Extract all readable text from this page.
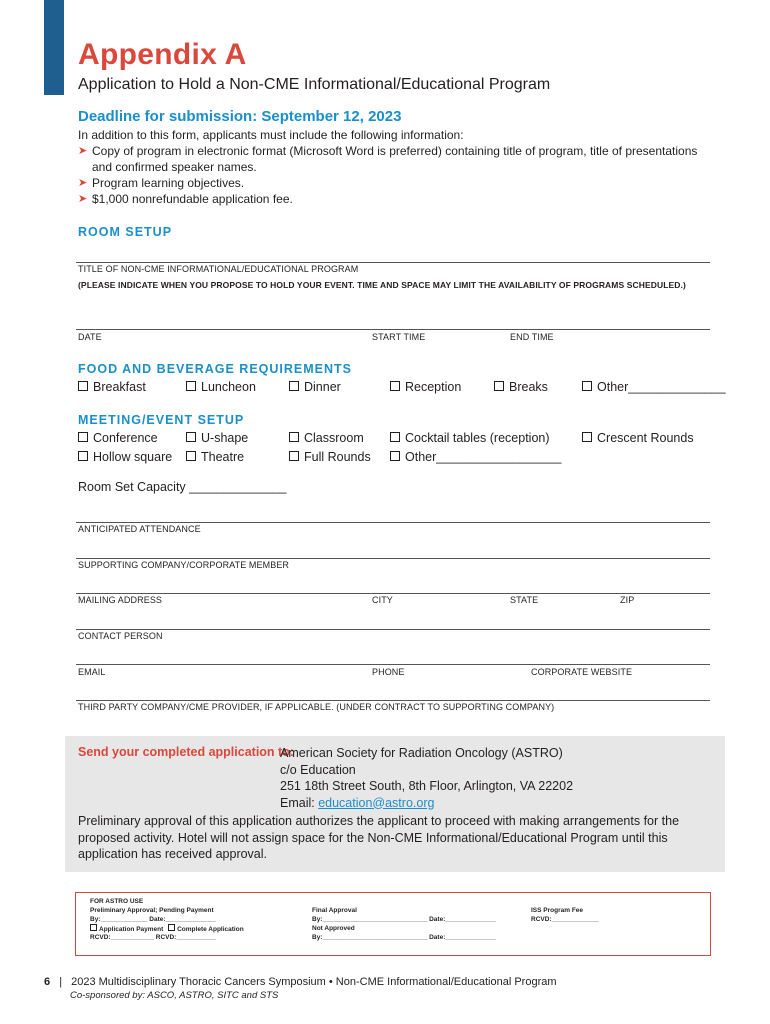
Appendix A
Application to Hold a Non-CME Informational/Educational Program
Deadline for submission: September 12, 2023
In addition to this form, applicants must include the following information:
➤ Copy of program in electronic format (Microsoft Word is preferred) containing title of program, title of presentations
and confirmed speaker names.
➤ Program learning objectives.
➤ $1,000 nonrefundable application fee.
ROOM SETUP
TITLE OF NON-CME INFORMATIONAL/EDUCATIONAL PROGRAM
(PLEASE INDICATE WHEN YOU PROPOSE TO HOLD YOUR EVENT. TIME AND SPACE MAY LIMIT THE AVAILABILITY OF PROGRAMS SCHEDULED.)
DATE	START TIME	END TIME
FOOD AND BEVERAGE REQUIREMENTS
Breakfast	Luncheon	Dinner	Reception	Breaks	Other______________
MEETING/EVENT SETUP
Conference	U-shape	Classroom	Cocktail tables (reception)	Crescent Rounds
Hollow square	Theatre	Full Rounds	Other__________________
Room Set Capacity ______________
ANTICIPATED ATTENDANCE
SUPPORTING COMPANY/CORPORATE MEMBER
MAILING ADDRESS	CITY	STATE	ZIP
CONTACT PERSON
EMAIL	PHONE	CORPORATE WEBSITE
THIRD PARTY COMPANY/CME PROVIDER, IF APPLICABLE. (UNDER CONTRACT TO SUPPORTING COMPANY)
Send your completed application to:
American Society for Radiation Oncology (ASTRO)
c/o Education
251 18th Street South, 8th Floor, Arlington, VA 22202
Email: education@astro.org
Preliminary approval of this application authorizes the applicant to proceed with making arrangements for the proposed activity. Hotel will not assign space for the Non-CME Informational/Educational Program until this application has received approval.
FOR ASTRO USE
Preliminary Approval; Pending Payment
By:_____________ Date:______________
Application Payment Complete Application
RCVD:____________ RCVD:___________
Final Approval
By:_____________________________ Date:______________
Not Approved
By:_____________________________ Date:______________
ISS Program Fee
RCVD:_____________
6 | 2023 Multidisciplinary Thoracic Cancers Symposium • Non-CME Informational/Educational Program
Co-sponsored by: ASCO, ASTRO, SITC and STS
